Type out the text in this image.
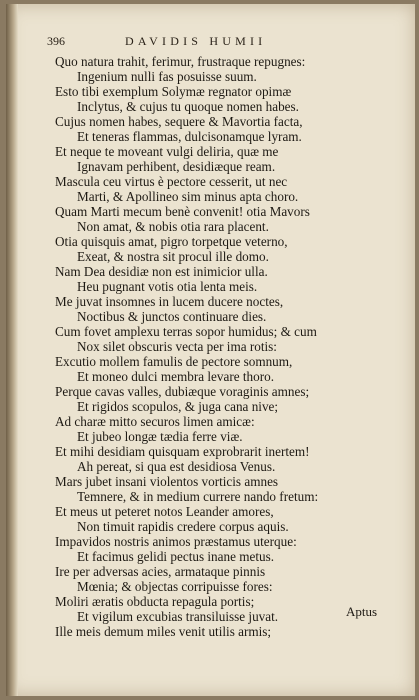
396	DAVIDIS HUMII
Quo natura trahit, ferimur, frustraque repugnes:
Ingenium nulli fas posuisse suum.
Esto tibi exemplum Solymæ regnator opimæ
Inclytus, & cujus tu quoque nomen habes.
Cujus nomen habes, sequere & Mavortia facta,
Et teneras flammas, dulcisonamque lyram.
Et neque te moveant vulgi deliria, quæ me
Ignavam perhibent, desidiæque ream.
Mascula ceu virtus è pectore cesserit, ut nec
Marti, & Apollineo sim minus apta choro.
Quam Marti mecum benè convenit! otia Mavors
Non amat, & nobis otia rara placent.
Otia quisquis amat, pigro torpetque veterno,
Exeat, & nostra sit procul ille domo.
Nam Dea desidiæ non est inimicior ulla.
Heu pugnant votis otia lenta meis.
Me juvat insomnes in lucem ducere noctes,
Noctibus & junctos continuare dies.
Cum fovet amplexu terras sopor humidus; & cum
Nox silet obscuris vecta per ima rotis:
Excutio mollem famulis de pectore somnum,
Et moneo dulci membra levare thoro.
Perque cavas valles, dubiæque voraginis amnes;
Et rigidos scopulos, & juga cana nive;
Ad charæ mitto securos limen amicæ:
Et jubeo longæ tædia ferre viæ.
Et mihi desidiam quisquam exprobrarit inertem!
Ah pereat, si qua est desidiosa Venus.
Mars jubet insani violentos vorticis amnes
Temnere, & in medium currere nando fretum:
Et meus ut peteret notos Leander amores,
Non timuit rapidis credere corpus aquis.
Impavidos nostris animos præstamus uterque:
Et facimus gelidi pectus inane metus.
Ire per adversas acies, armataque pinnis
Mœnia; & objectas corripuisse fores:
Moliri æratis obducta repagula portis;
Et vigilum excubias transiluisse juvat.
Ille meis demum miles venit utilis armis;
Aptus
